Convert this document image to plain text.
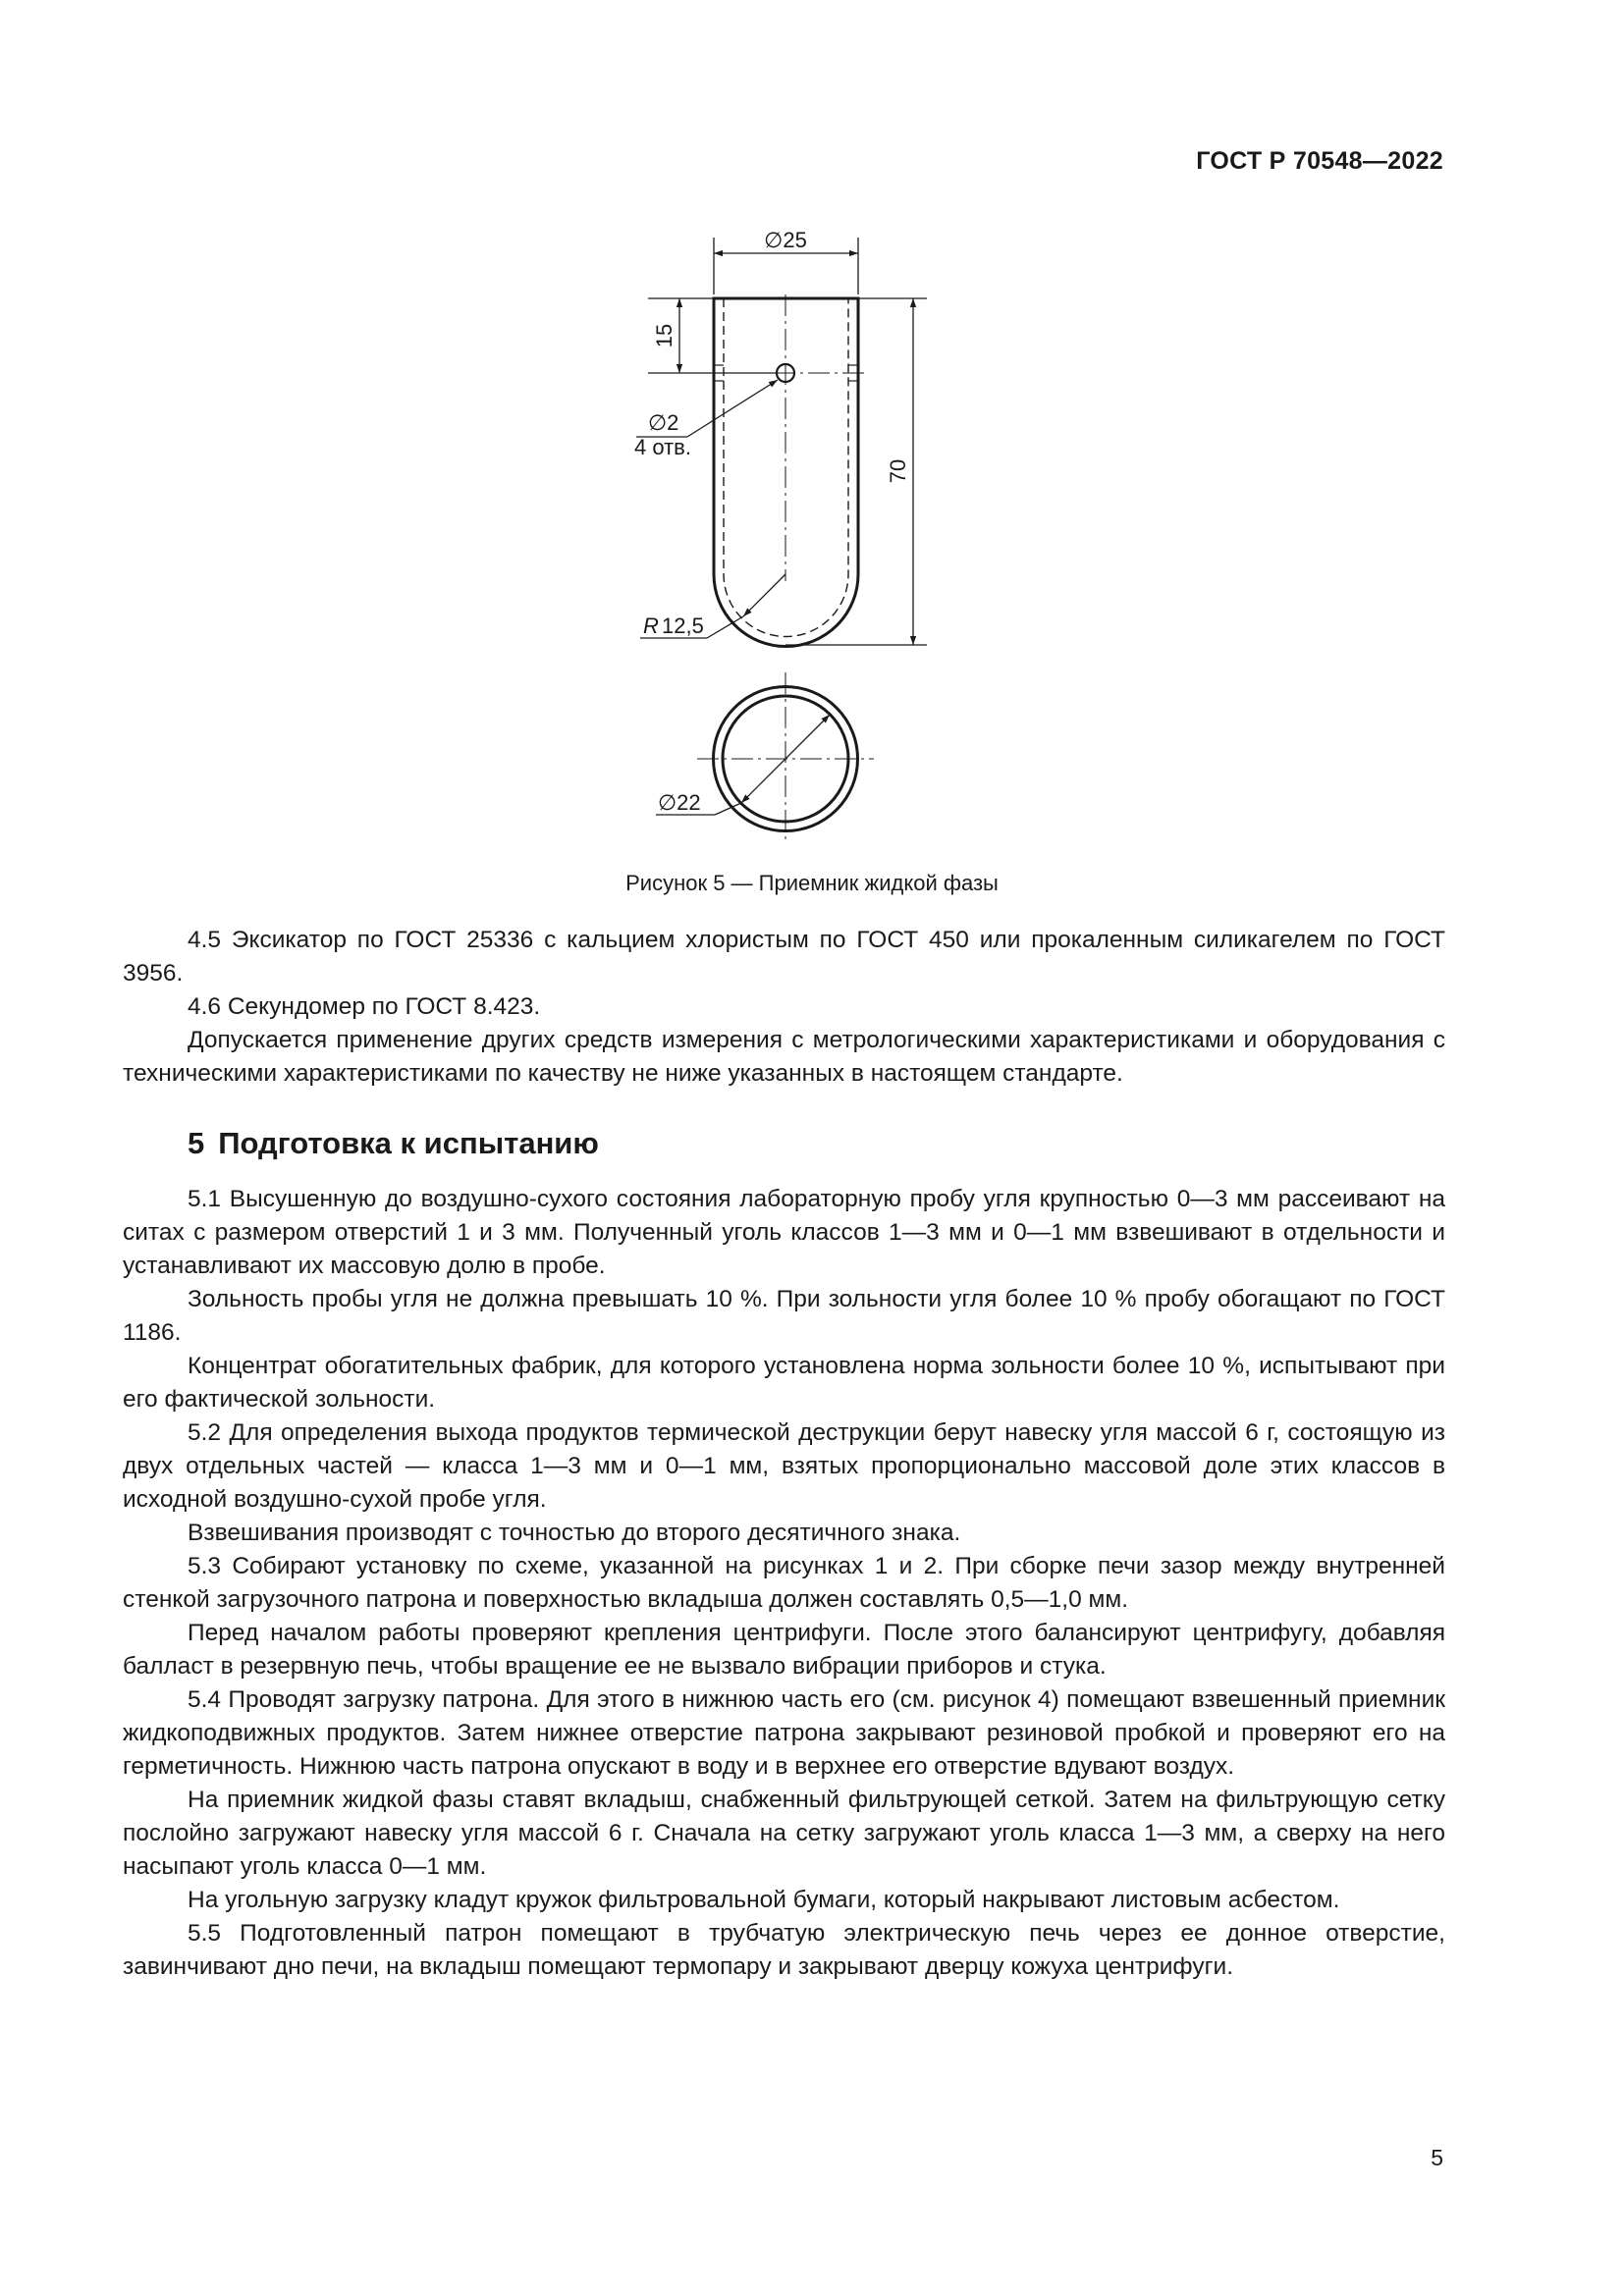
ГОСТ Р 70548—2022
∅25
15
70
∅2
4 отв.
R 12,5
∅22
Рисунок 5 — Приемник жидкой фазы

4.5 Эксикатор по ГОСТ 25336 с кальцием хлористым по ГОСТ 450 или прокаленным силикагелем по ГОСТ 3956.

4.6 Секундомер по ГОСТ 8.423.

Допускается применение других средств измерения с метрологическими характеристиками и оборудования с техническими характеристиками по качеству не ниже указанных в настоящем стандарте.

5 Подготовка к испытанию

5.1 Высушенную до воздушно-сухого состояния лабораторную пробу угля крупностью 0—3 мм рассеивают на ситах с размером отверстий 1 и 3 мм. Полученный уголь классов 1—3 мм и 0—1 мм взвешивают в отдельности и устанавливают их массовую долю в пробе.

Зольность пробы угля не должна превышать 10 %. При зольности угля более 10 % пробу обогащают по ГОСТ 1186.

Концентрат обогатительных фабрик, для которого установлена норма зольности более 10 %, испытывают при его фактической зольности.

5.2 Для определения выхода продуктов термической деструкции берут навеску угля массой 6 г, состоящую из двух отдельных частей — класса 1—3 мм и 0—1 мм, взятых пропорционально массовой доле этих классов в исходной воздушно-сухой пробе угля.

Взвешивания производят с точностью до второго десятичного знака.

5.3 Собирают установку по схеме, указанной на рисунках 1 и 2. При сборке печи зазор между внутренней стенкой загрузочного патрона и поверхностью вкладыша должен составлять 0,5—1,0 мм.

Перед началом работы проверяют крепления центрифуги. После этого балансируют центрифугу, добавляя балласт в резервную печь, чтобы вращение ее не вызвало вибрации приборов и стука.

5.4 Проводят загрузку патрона. Для этого в нижнюю часть его (см. рисунок 4) помещают взвешенный приемник жидкоподвижных продуктов. Затем нижнее отверстие патрона закрывают резиновой пробкой и проверяют его на герметичность. Нижнюю часть патрона опускают в воду и в верхнее его отверстие вдувают воздух.

На приемник жидкой фазы ставят вкладыш, снабженный фильтрующей сеткой. Затем на фильтрующую сетку послойно загружают навеску угля массой 6 г. Сначала на сетку загружают уголь класса 1—3 мм, а сверху на него насыпают уголь класса 0—1 мм.

На угольную загрузку кладут кружок фильтровальной бумаги, который накрывают листовым асбестом.

5.5 Подготовленный патрон помещают в трубчатую электрическую печь через ее донное отверстие, завинчивают дно печи, на вкладыш помещают термопару и закрывают дверцу кожуха центрифуги.

5
